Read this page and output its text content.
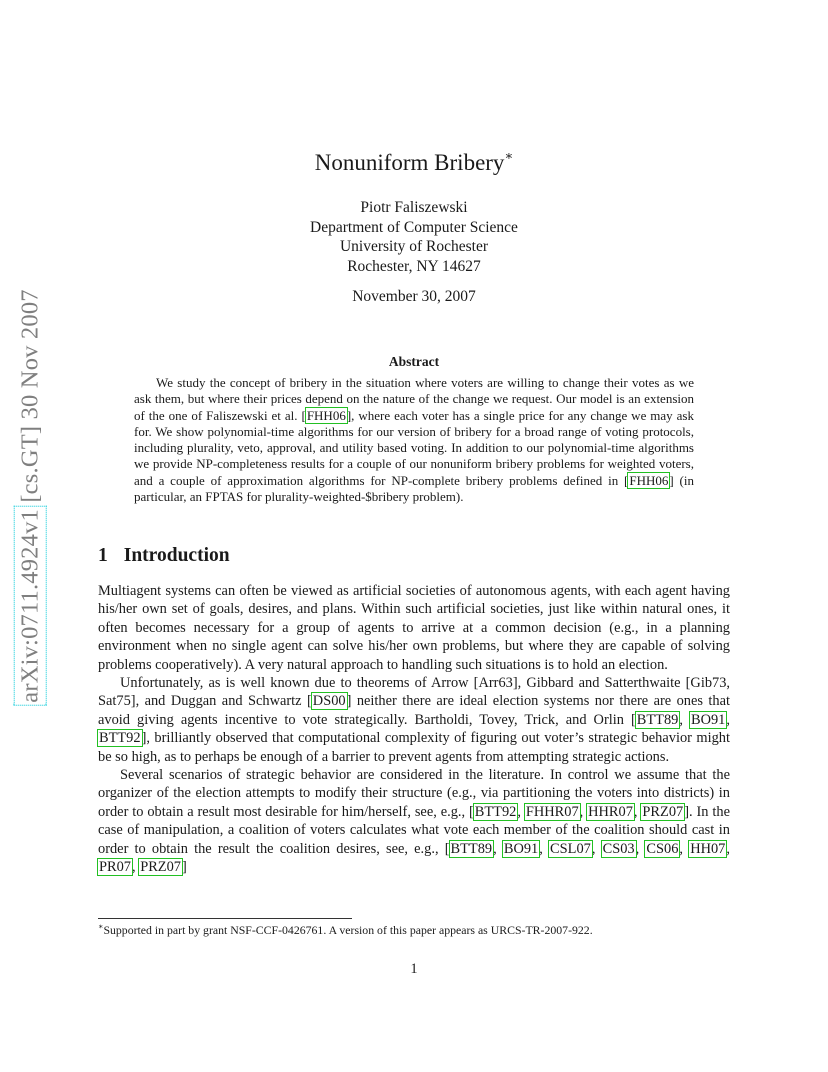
arXiv:0711.4924v1 [cs.GT] 30 Nov 2007
Nonuniform Bribery∗
Piotr Faliszewski
Department of Computer Science
University of Rochester
Rochester, NY 14627
November 30, 2007
Abstract
We study the concept of bribery in the situation where voters are willing to change their votes as we ask them, but where their prices depend on the nature of the change we request. Our model is an extension of the one of Faliszewski et al. [FHH06], where each voter has a single price for any change we may ask for. We show polynomial-time algorithms for our version of bribery for a broad range of voting protocols, including plurality, veto, approval, and utility based voting. In addition to our polynomial-time algorithms we provide NP-completeness results for a couple of our nonuniform bribery problems for weighted voters, and a couple of approximation algorithms for NP-complete bribery problems defined in [FHH06] (in particular, an FPTAS for plurality-weighted-$bribery problem).
1 Introduction

Multiagent systems can often be viewed as artificial societies of autonomous agents, with each agent having his/her own set of goals, desires, and plans. Within such artificial societies, just like within natural ones, it often becomes necessary for a group of agents to arrive at a common decision (e.g., in a planning environment when no single agent can solve his/her own problems, but where they are capable of solving problems cooperatively). A very natural approach to handling such situations is to hold an election.

Unfortunately, as is well known due to theorems of Arrow [Arr63], Gibbard and Satterthwaite [Gib73, Sat75], and Duggan and Schwartz [DS00] neither there are ideal election systems nor there are ones that avoid giving agents incentive to vote strategically. Bartholdi, Tovey, Trick, and Orlin [BTT89, BO91, BTT92], brilliantly observed that computational complexity of figuring out voter’s strategic behavior might be so high, as to perhaps be enough of a barrier to prevent agents from attempting strategic actions.

Several scenarios of strategic behavior are considered in the literature. In control we assume that the organizer of the election attempts to modify their structure (e.g., via partitioning the voters into districts) in order to obtain a result most desirable for him/herself, see, e.g., [BTT92, FHHR07, HHR07, PRZ07]. In the case of manipulation, a coalition of voters calculates what vote each member of the coalition should cast in order to obtain the result the coalition desires, see, e.g., [BTT89, BO91, CSL07, CS03, CS06, HH07, PR07, PRZ07]

∗Supported in part by grant NSF-CCF-0426761. A version of this paper appears as URCS-TR-2007-922.
1
